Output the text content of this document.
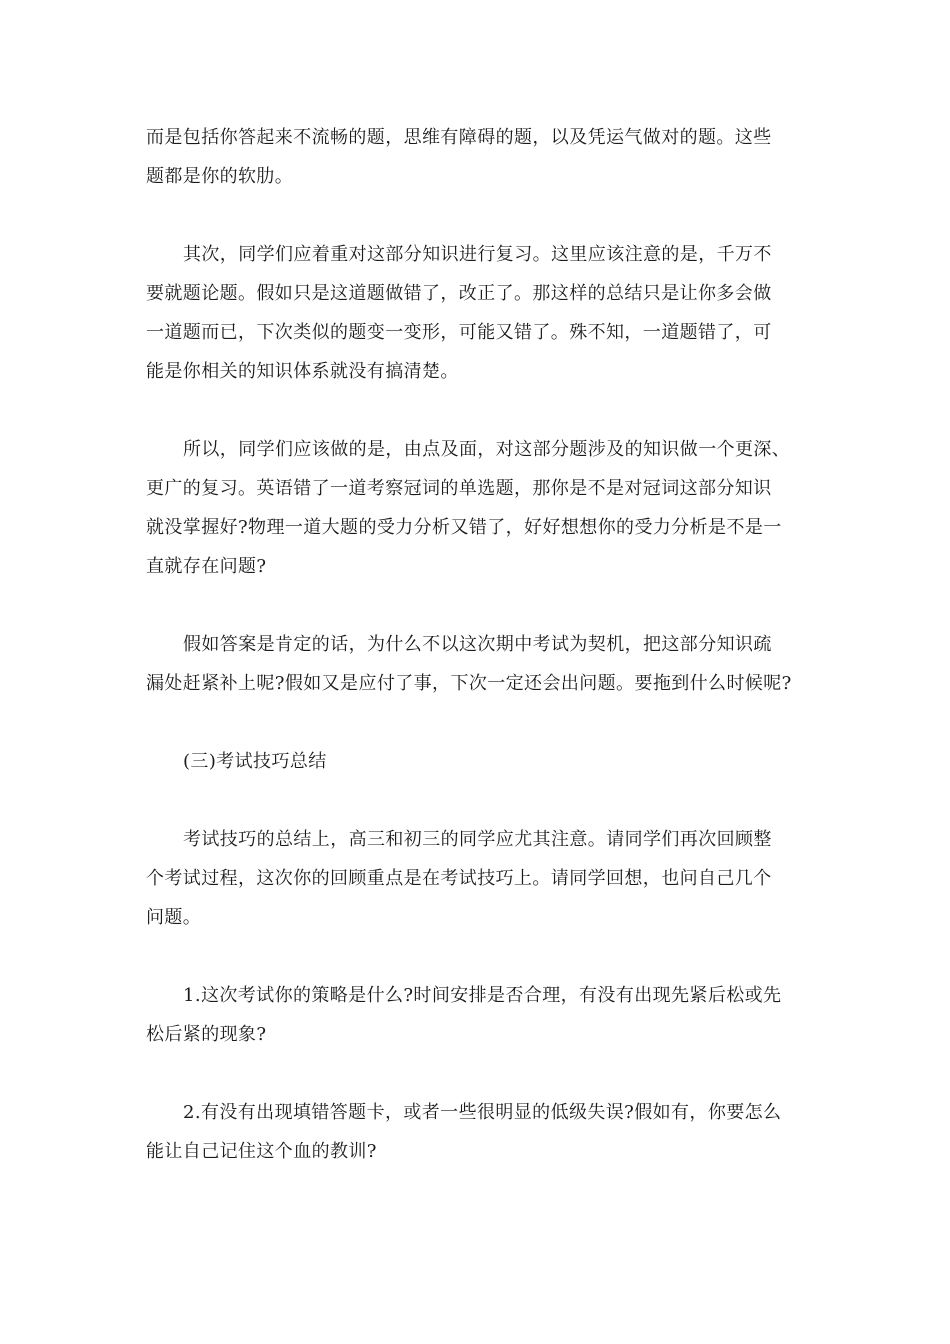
而是包括你答起来不流畅的题，思维有障碍的题，以及凭运气做对的题。这些
题都是你的软肋。

其次，同学们应着重对这部分知识进行复习。这里应该注意的是，千万不
要就题论题。假如只是这道题做错了，改正了。那这样的总结只是让你多会做
一道题而已，下次类似的题变一变形，可能又错了。殊不知，一道题错了，可
能是你相关的知识体系就没有搞清楚。

所以，同学们应该做的是，由点及面，对这部分题涉及的知识做一个更深、
更广的复习。英语错了一道考察冠词的单选题，那你是不是对冠词这部分知识
就没掌握好?物理一道大题的受力分析又错了，好好想想你的受力分析是不是一
直就存在问题?

假如答案是肯定的话，为什么不以这次期中考试为契机，把这部分知识疏
漏处赶紧补上呢?假如又是应付了事，下次一定还会出问题。要拖到什么时候呢?

(三)考试技巧总结

考试技巧的总结上，高三和初三的同学应尤其注意。请同学们再次回顾整
个考试过程，这次你的回顾重点是在考试技巧上。请同学回想，也问自己几个
问题。

1.这次考试你的策略是什么?时间安排是否合理，有没有出现先紧后松或先
松后紧的现象?

2.有没有出现填错答题卡，或者一些很明显的低级失误?假如有，你要怎么
能让自己记住这个血的教训?
